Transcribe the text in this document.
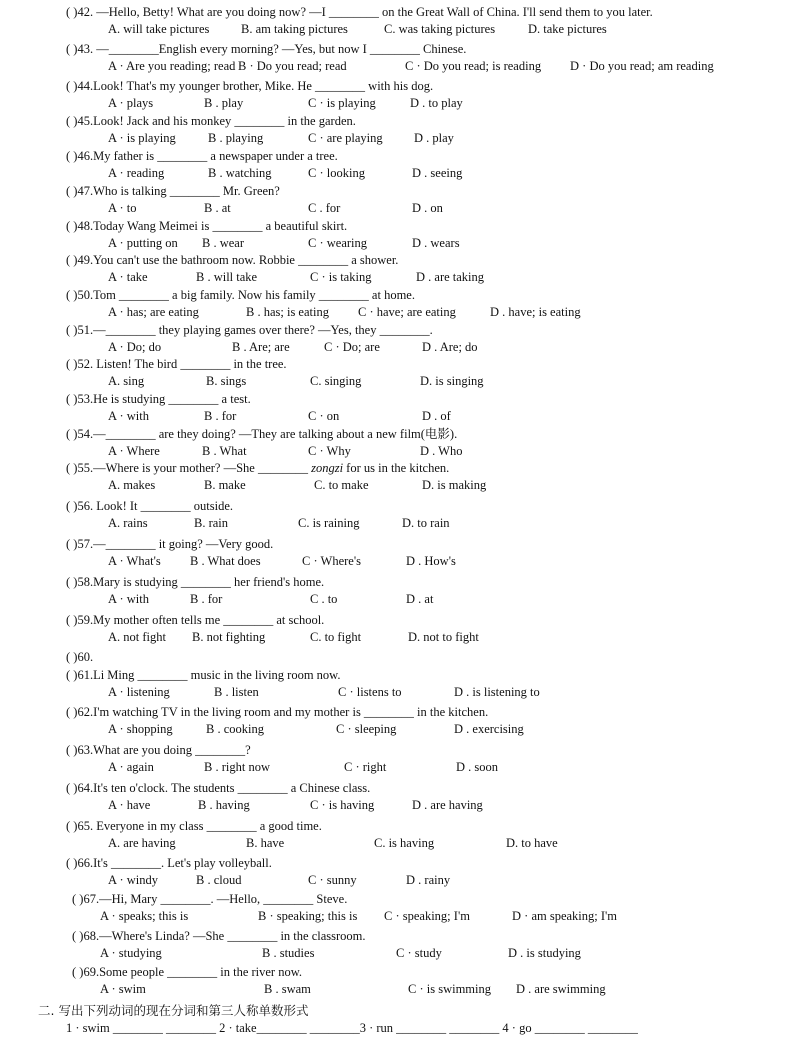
( )42. —Hello, Betty! What are you doing now? —I ________ on the Great Wall of China. I'll send them to you later.
A. will take pictures	B. am taking pictures	C. was taking pictures	D. take pictures
( )43. —________English every morning? —Yes, but now I ________ Chinese.
A · Are you reading; read B · Do you read; read	C · Do you read; is reading D · Do you read; am reading
( )44.Look! That's my younger brother, Mike. He ________ with his dog.
A · plays	B . play	C · is playing	D . to play
( )45.Look! Jack and his monkey ________ in the garden.
A · is playing	B . playing	C · are playing	D . play
( )46.My father is ________ a newspaper under a tree.
A · reading	B . watching	C · looking	D . seeing
( )47.Who is talking ________ Mr. Green?
A · to	B . at	C . for	D . on
( )48.Today Wang Meimei is ________ a beautiful skirt.
A · putting on B . wear	C · wearing	D . wears
( )49.You can't use the bathroom now. Robbie ________ a shower.
A · take	B . will take	C · is taking	D . are taking
( )50.Tom ________ a big family. Now his family ________ at home.
A · has; are eating	B . has; is eating C · have; are eating	D . have; is eating
( )51.—________ they playing games over there? —Yes, they ________.
A · Do; do	B . Are; are	C · Do; are	D . Are; do
( )52. Listen! The bird ________ in the tree.
A. sing	B. sings	C. singing	D. is singing
( )53.He is studying ________ a test.
A · with	B . for	C · on	D . of
( )54.—________ are they doing? —They are talking about a new film(电影).
A · Where	B . What	C · Why	D . Who
( )55.—Where is your mother? —She ________ zongzi for us in the kitchen.
A. makes	B. make	C. to make	D. is making
( )56. Look! It ________ outside.
A. rains	B. rain	C. is raining	D. to rain
( )57.—________ it going? —Very good.
A · What's B . What does	C · Where's	D . How's
( )58.Mary is studying ________ her friend's home.
A · with	B . for	C . to	D . at
( )59.My mother often tells me ________ at school.
A. not fight B. not fighting	C. to fight	D. not to fight
( )60.
( )61.Li Ming ________ music in the living room now.
A · listening	B . listen	C · listens to	D . is listening to
( )62.I'm watching TV in the living room and my mother is ________ in the kitchen.
A · shopping	B . cooking	C · sleeping	D . exercising
( )63.What are you doing ________?
A · again	B . right now	C · right	D . soon
( )64.It's ten o'clock. The students ________ a Chinese class.
A · have	B . having	C · is having	D . are having
( )65. Everyone in my class ________ a good time.
A. are having	B. have	C. is having	D. to have
( )66.It's ________. Let's play volleyball.
A · windy	B . cloud	C · sunny	D . rainy
( )67.—Hi, Mary ________. —Hello, ________ Steve.
A · speaks; this is	B · speaking; this is C · speaking; I'm	D · am speaking; I'm
( )68.—Where's Linda? —She ________ in the classroom.
A · studying	B . studies	C · study	D . is studying
( )69.Some people ________ in the river now.
A · swim	B . swam	C · is swimming D . are swimming
二. 写出下列动词的现在分词和第三人称单数形式
1 · swim ________ ________ 2 · take________ ________3 · run ________ ________ 4 · go ________ ________
